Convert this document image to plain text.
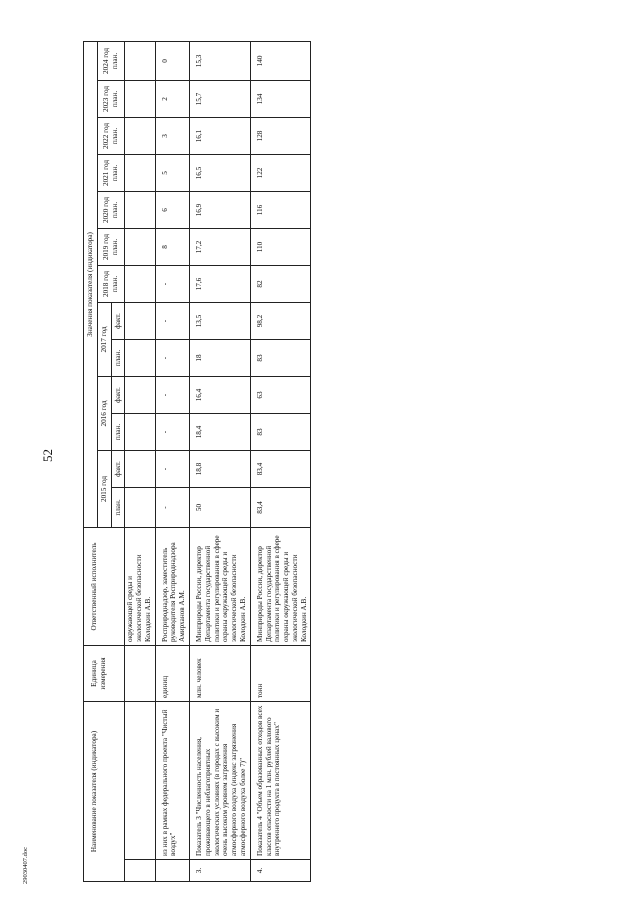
52
29030407.doc
Наименование показателя (индикатора)		Единица измерения	Ответственный исполнитель	Значения показателя (индикатора)												
				2015 год		2016 год		2017 год		2018 год план.	2019 год план.	2020 год план.	2021 год план.	2022 год план.	2023 год план.	2024 год план.
				план.	факт.	план.	факт.	план.	факт.							
			окружающей среды и экологической безопасности Колодкин А.В.													
	из них в рамках федерального проекта "Чистый воздух"	единиц	Росприроднадзор, заместитель руководителя Росприроднадзора Амирханов А.М.	-	-	-	-	-	-	-	8	6	5	3	2	0
3.	Показатель 3 "Численность населения, проживающего в неблагоприятных экологических условиях (в городах с высоким и очень высоким уровнем загрязнения атмосферного воздуха (индекс загрязнения атмосферного воздуха более 7)"	млн. человек	Минприроды России, директор Департамента государственной политики и регулирования в сфере охраны окружающей среды и экологической безопасности Колодкин А.В.	50	18,8	18,4	16,4	18	13,5	17,6	17,2	16,9	16,5	16,1	15,7	15,3
4.	Показатель 4 "Объем образованных отходов всех классов опасности на 1 млн. рублей валового внутреннего продукта в постоянных ценах"	тонн	Минприроды России, директор Департамента государственной политики и регулирования в сфере охраны окружающей среды и экологической безопасности Колодкин А.В.	83,4	83,4	83	63	83	98,2	82	110	116	122	128	134	140
